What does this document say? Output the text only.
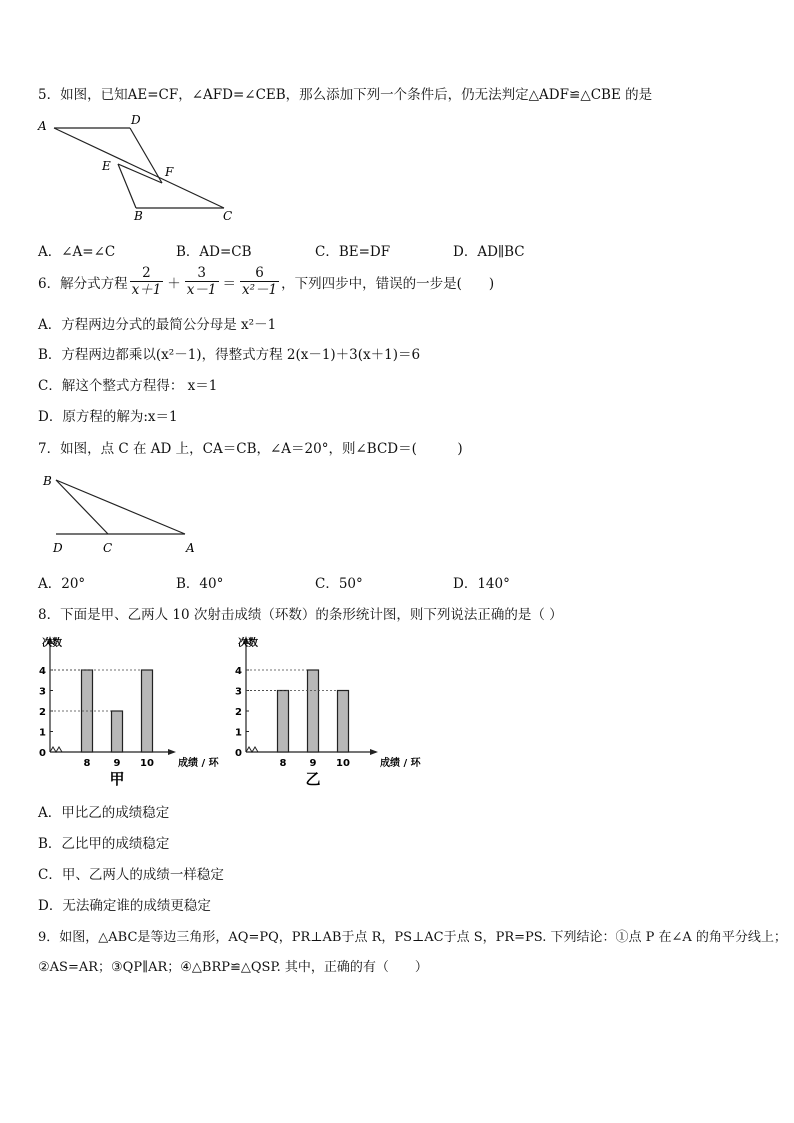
5．如图，已知AE=CF，∠AFD=∠CEB，那么添加下列一个条件后，仍无法判定△ADF≌△CBE 的是
A	D
E	F
B	C
A．∠A=∠C	B．AD=CB	C．BE=DF	D．AD∥BC
6．解分式方程 $\frac{2}{x+1} + \frac{3}{x-1} = \frac{6}{\text{x²－1}}$ ，下列四步中，错误的一步是(　　)
A．方程两边分式的最简公分母是 x²－1
B．方程两边都乘以(x²－1)，得整式方程 2(x－1)＋3(x＋1)＝6
C．解这个整式方程得： x＝1
D．原方程的解为:x＝1
7．如图，点 C 在 AD 上，CA＝CB，∠A＝20°，则∠BCD＝(　　　)
B
D	C	A
A．20°	B．40°	C．50°	D．140°
8．下面是甲、乙两人 10 次射击成绩（环数）的条形统计图，则下列说法正确的是（ ）
次数
0
1
2
3
4
8 9 10 成绩 / 环
甲
次数
0
1
2
3
4
8 9 10	成绩 / 环
乙
A．甲比乙的成绩稳定
B．乙比甲的成绩稳定
C．甲、乙两人的成绩一样稳定
D．无法确定谁的成绩更稳定
9．如图，△ABC是等边三角形，AQ=PQ，PR⊥AB于点 R，PS⊥AC于点 S，PR=PS. 下列结论：①点 P 在∠A 的角平分线上；
②AS=AR；③QP∥AR；④△BRP≌△QSP. 其中，正确的有（　　）
